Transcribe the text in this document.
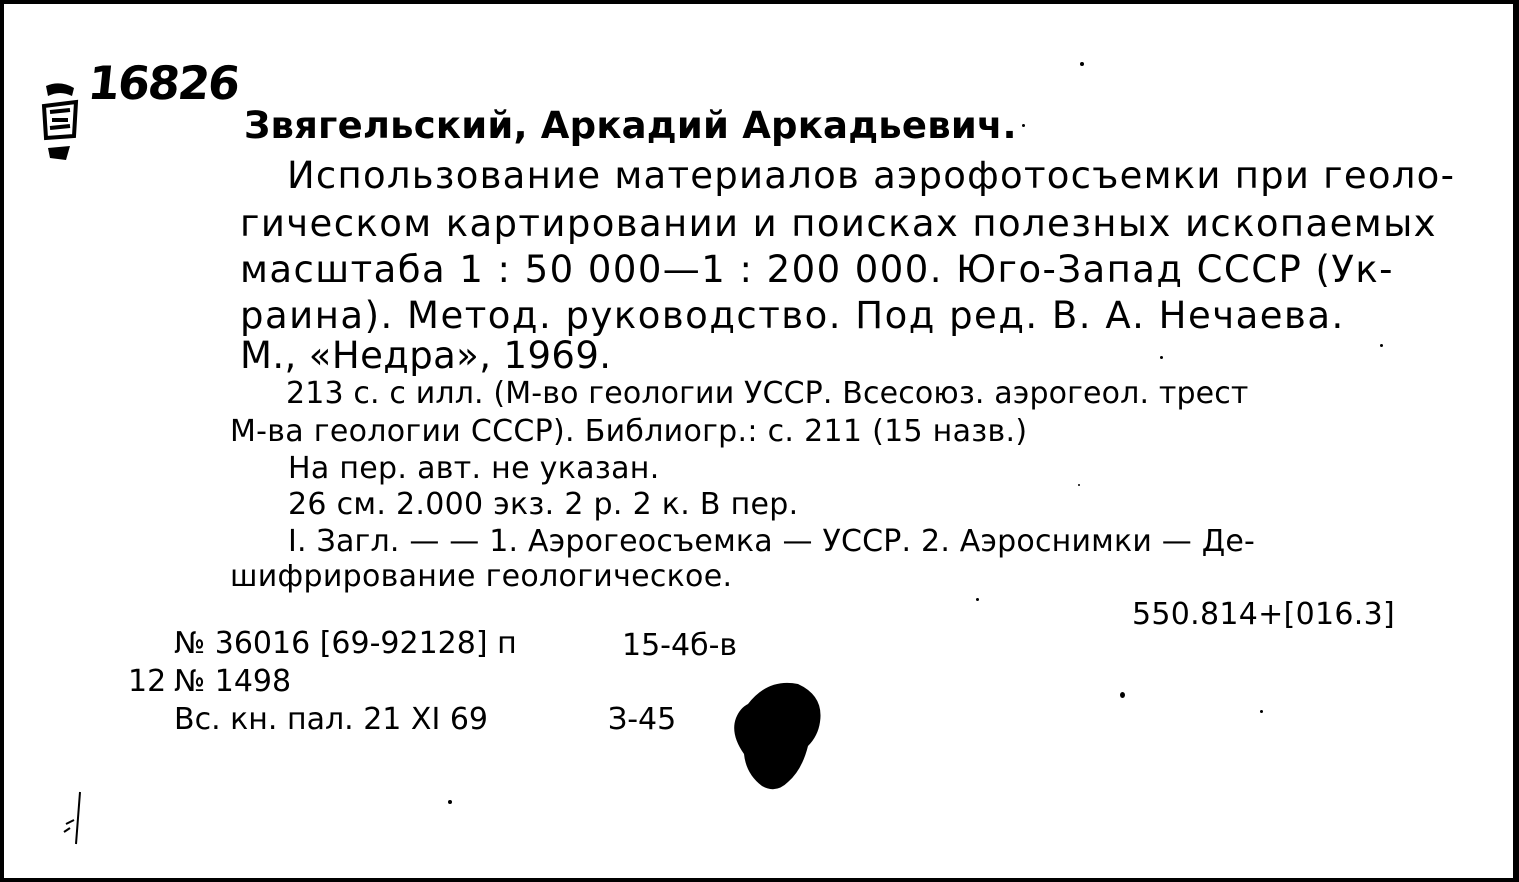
16826
Звягельский, Аркадий Аркадьевич.
Использование материалов аэрофотосъемки при геоло-
гическом картировании и поисках полезных ископаемых
масштаба 1 : 50 000—1 : 200 000. Юго-Запад СССР (Ук-
раина). Метод. руководство. Под ред. В. А. Нечаева.
М., «Недра», 1969.
213 с. с илл. (М-во геологии УССР. Всесоюз. аэрогеол. трест
М-ва геологии СССР). Библиогр.: с. 211 (15 назв.)
На пер. авт. не указан.
26 см. 2.000 экз. 2 р. 2 к. В пер.
I. Загл. — — 1. Аэрогеосъемка — УССР. 2. Аэроснимки — Де-
шифрирование геологическое.
550.814+[016.3]
№ 36016 [69-92128] п	15-4б-в
12 № 1498
Вс. кн. пал. 21 XI 69	З-45
